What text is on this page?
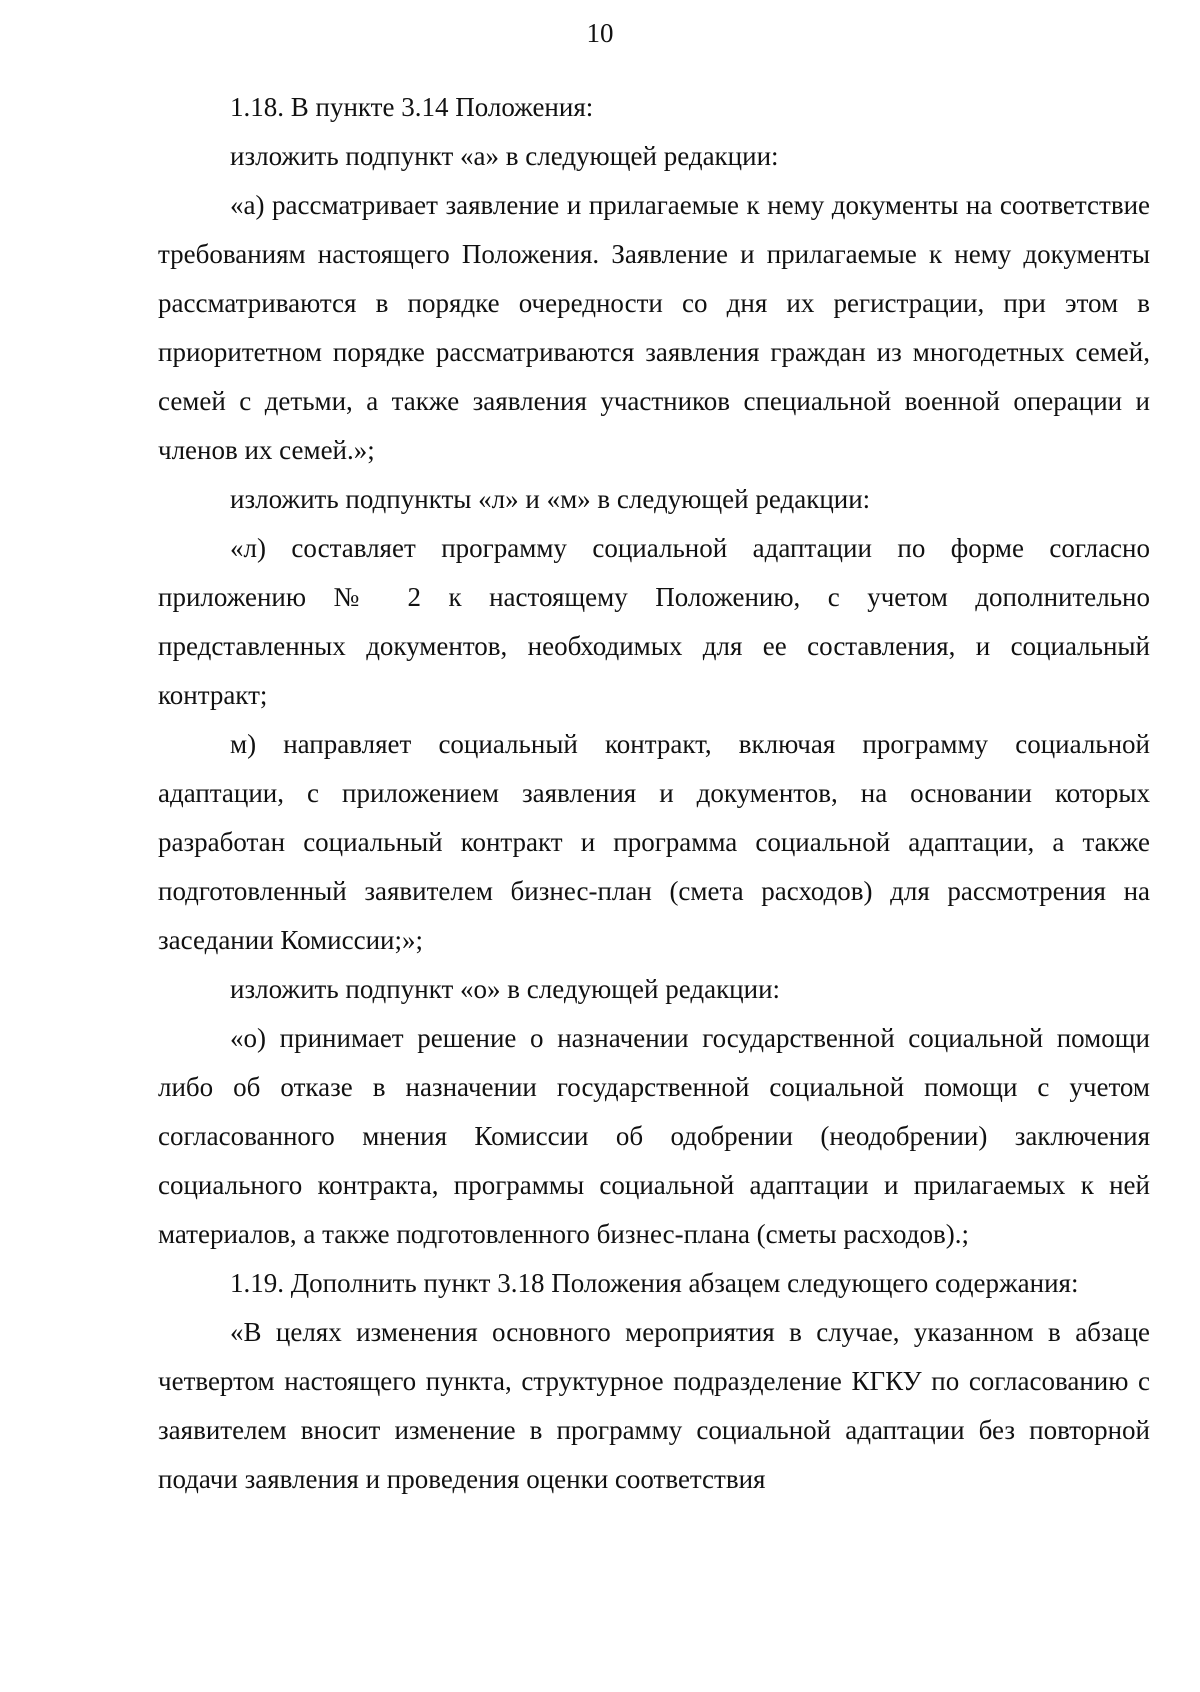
10

1.18. В пункте 3.14 Положения:

изложить подпункт «а» в следующей редакции:

«а) рассматривает заявление и прилагаемые к нему документы на соответствие требованиям настоящего Положения. Заявление и прилагаемые к нему документы рассматриваются в порядке очередности со дня их регистрации, при этом в приоритетном порядке рассматриваются заявления граждан из многодетных семей, семей с детьми, а также заявления участников специальной военной операции и членов их семей.»;

изложить подпункты «л» и «м» в следующей редакции:

«л) составляет программу социальной адаптации по форме согласно приложению № 2 к настоящему Положению, с учетом дополнительно представленных документов, необходимых для ее составления, и социальный контракт;

м) направляет социальный контракт, включая программу социальной адаптации, с приложением заявления и документов, на основании которых разработан социальный контракт и программа социальной адаптации, а также подготовленный заявителем бизнес-план (смета расходов) для рассмотрения на заседании Комиссии;»;

изложить подпункт «о» в следующей редакции:

«о) принимает решение о назначении государственной социальной помощи либо об отказе в назначении государственной социальной помощи с учетом согласованного мнения Комиссии об одобрении (неодобрении) заключения социального контракта, программы социальной адаптации и прилагаемых к ней материалов, а также подготовленного бизнес-плана (сметы расходов).;

1.19. Дополнить пункт 3.18 Положения абзацем следующего содержания:

«В целях изменения основного мероприятия в случае, указанном в абзаце четвертом настоящего пункта, структурное подразделение КГКУ по согласованию с заявителем вносит изменение в программу социальной адаптации без повторной подачи заявления и проведения оценки соответствия
